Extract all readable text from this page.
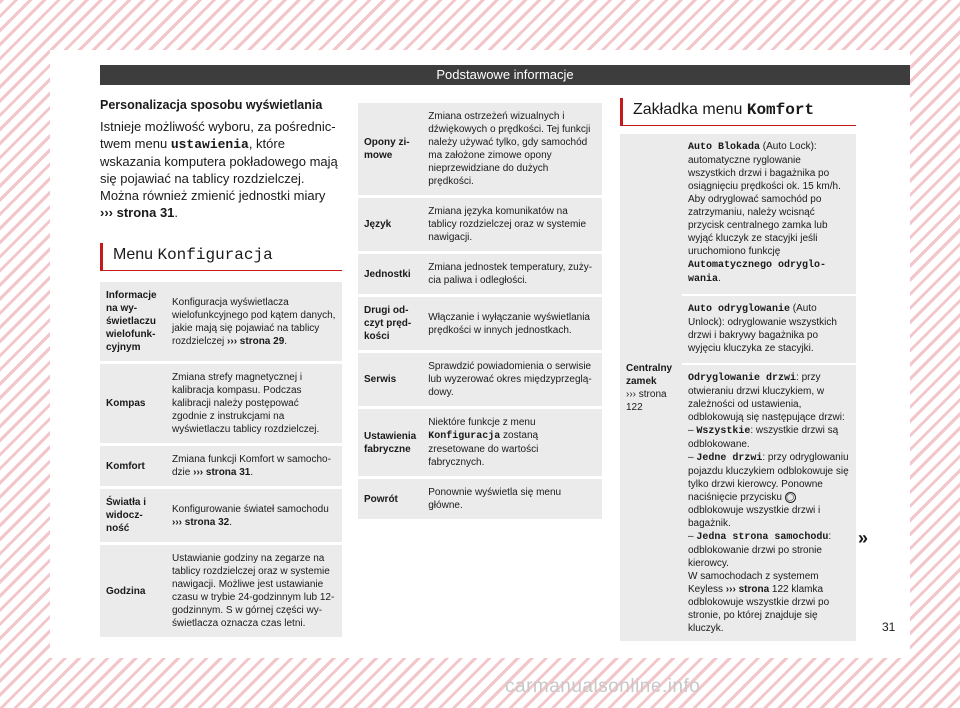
Podstawowe informacje
Personalizacja sposobu wyświetlania

Istnieje możliwość wyboru, za pośrednictwem menu ustawienia, które wskazania komputera pokładowego mają się pojawiać na tablicy rozdzielczej. Można również zmienić jednostki miary ››› strona 31.

Menu Konfiguracja
Informacje na wyświetlaczu wielofunkcyjnym	Konfiguracja wyświetlacza wielofunkcyjnego pod kątem danych, jakie mają się pojawiać na tablicy rozdzielczej ››› strona 29.
Kompas	Zmiana strefy magnetycznej i kalibracja kompasu. Podczas kalibracji należy postępować zgodnie z instrukcjami na wyświetlaczu tablicy rozdzielczej.
Komfort	Zmiana funkcji Komfort w samochodzie ››› strona 31.
Światła i widoczność	Konfigurowanie świateł samochodu
››› strona 32.
Godzina	Ustawianie godziny na zegarze na tablicy rozdzielczej oraz w systemie nawigacji. Możliwe jest ustawianie czasu w trybie 24-godzinnym lub 12-godzinnym. S w górnej części wyświetlacza oznacza czas letni.
Opony zimowe	Zmiana ostrzeżeń wizualnych i dźwiękowych o prędkości. Tej funkcji należy używać tylko, gdy samochód ma założone zimowe opony nieprzewidziane do dużych prędkości.
Język	Zmiana języka komunikatów na tablicy rozdzielczej oraz w systemie nawigacji.
Jednostki	Zmiana jednostek temperatury, zużycia paliwa i odległości.
Drugi odczyt prędkości	Włączanie i wyłączanie wyświetlania prędkości w innych jednostkach.
Serwis	Sprawdzić powiadomienia o serwisie lub wyzerować okres międzyprzeglądowy.
Ustawienia fabryczne	Niektóre funkcje z menu Konfiguracja zostaną zresetowane do wartości fabrycznych.
Powrót	Ponownie wyświetla się menu główne.
Zakładka menu Komfort
Centralny zamek
››› strona 122	Auto Blokada (Auto Lock): automatyczne ryglowanie wszystkich drzwi i bagażnika po osiągnięciu prędkości ok. 15 km/h. Aby odryglować samochód po zatrzymaniu, należy wcisnąć przycisk centralnego zamka lub wyjąć kluczyk ze stacyjki jeśli uruchomiono funkcję Automatycznego odryglowania.
Auto odryglowanie (Auto Unlock): odryglowanie wszystkich drzwi i bakrywy bagażnika po wyjęciu kluczyka ze stacyjki.
Odryglowanie drzwi: przy otwieraniu drzwi kluczykiem, w zależności od ustawienia, odblokowują się następujące drzwi:
– Wszystkie: wszystkie drzwi są odblokowane.
– Jedne drzwi: przy odryglowaniu pojazdu kluczykiem odblokowuje się tylko drzwi kierowcy. Ponowne naciśnięcie przycisku ◯ odblokowuje wszystkie drzwi i bagażnik.
– Jedna strona samochodu: odblokowanie drzwi po stronie kierowcy.
W samochodach z systemem Keyless ››› strona 122 klamka odblokowuje wszystkie drzwi po stronie, po której znajduje się kluczyk.
»
31
carmanualsonline.info
